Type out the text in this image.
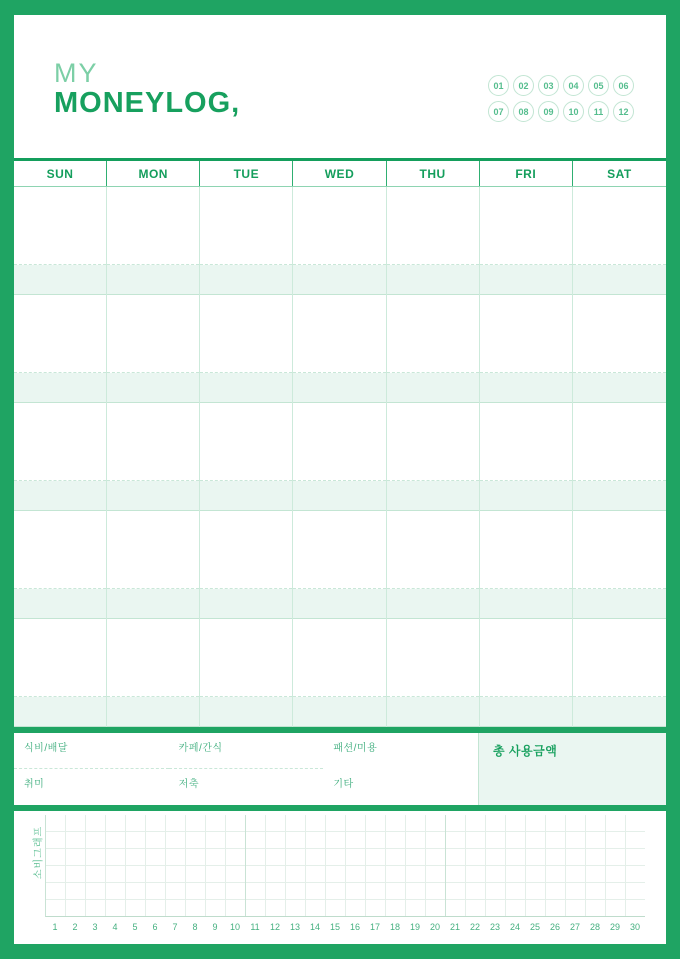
MY
MONEYLOG,
01	02	03	04	05	06
07	08	09	10	11	12
SUN	MON	TUE	WED	THU	FRI	SAT
식비/배달	카페/간식	패션/미용
취미	저축	기타
총 사용금액
소비그래프
1	2	3	4	5	6	7	8	9	10	11	12	13	14	15	16	17	18	19	20	21	22	23	24	25	26	27	28	29	30
